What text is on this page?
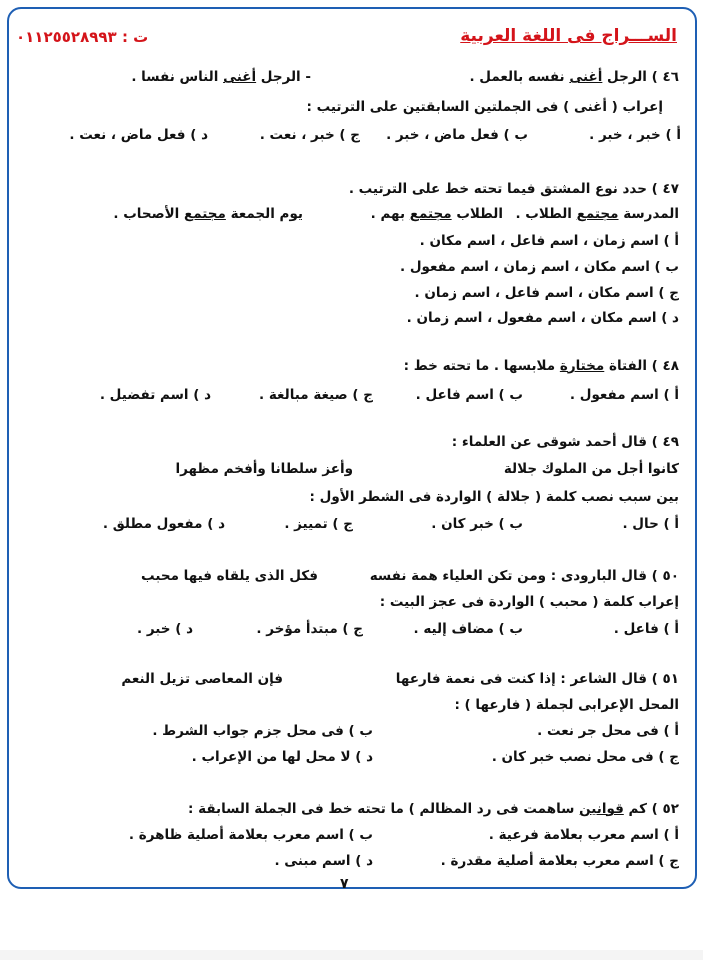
الســـراج فى اللغة العربية
ت : ٠١١٢٥٥٢٨٩٩٣
٤٦ ) الرجل أغنى نفسه بالعمل .
- الرجل أغنى الناس نفسا .
إعراب ( أغنى ) فى الجملتين السابقتين على الترتيب :
أ ) خبر ، خبر .
ب ) فعل ماض ، خبر .
ج ) خبر ، نعت .
د ) فعل ماض ، نعت .
٤٧ ) حدد نوع المشتق فيما تحته خط على الترتيب .
المدرسة مجتمع الطلاب .
الطلاب مجتمع بهم .
يوم الجمعة مجتمع الأصحاب .
أ ) اسم زمان ، اسم فاعل ، اسم مكان .
ب ) اسم مكان ، اسم زمان ، اسم مفعول .
ج ) اسم مكان ، اسم فاعل ، اسم زمان .
د ) اسم مكان ، اسم مفعول ، اسم زمان .
٤٨ ) الفتاة مختارة ملابسها . ما تحته خط :
أ ) اسم مفعول .
ب ) اسم فاعل .
ج ) صيغة مبالغة .
د ) اسم تفضيل .
٤٩ ) قال أحمد شوقى عن العلماء :
كانوا أجل من الملوك جلالة
وأعز سلطانا وأفخم مظهرا
بين سبب نصب كلمة ( جلالة ) الواردة فى الشطر الأول :
أ ) حال .
ب ) خبر كان .
ج ) تمييز .
د ) مفعول مطلق .
٥٠ ) قال البارودى : ومن تكن العلياء همة نفسه
فكل الذى يلقاه فيها محبب
إعراب كلمة ( محبب ) الواردة فى عجز البيت :
أ ) فاعل .
ب ) مضاف إليه .
ج ) مبتدأ مؤخر .
د ) خبر .
٥١ ) قال الشاعر : إذا كنت فى نعمة فارعها
فإن المعاصى تزيل النعم
المحل الإعرابى لجملة ( فارعها ) :
أ ) فى محل جر نعت .
ب ) فى محل جزم جواب الشرط .
ج ) فى محل نصب خبر كان .
د ) لا محل لها من الإعراب .
٥٢ ) كم قوانين ساهمت فى رد المظالم ) ما تحته خط فى الجملة السابقة :
أ ) اسم معرب بعلامة فرعية .
ب ) اسم معرب بعلامة أصلية ظاهرة .
ج ) اسم معرب بعلامة أصلية مقدرة .
د ) اسم مبنى .
٧
